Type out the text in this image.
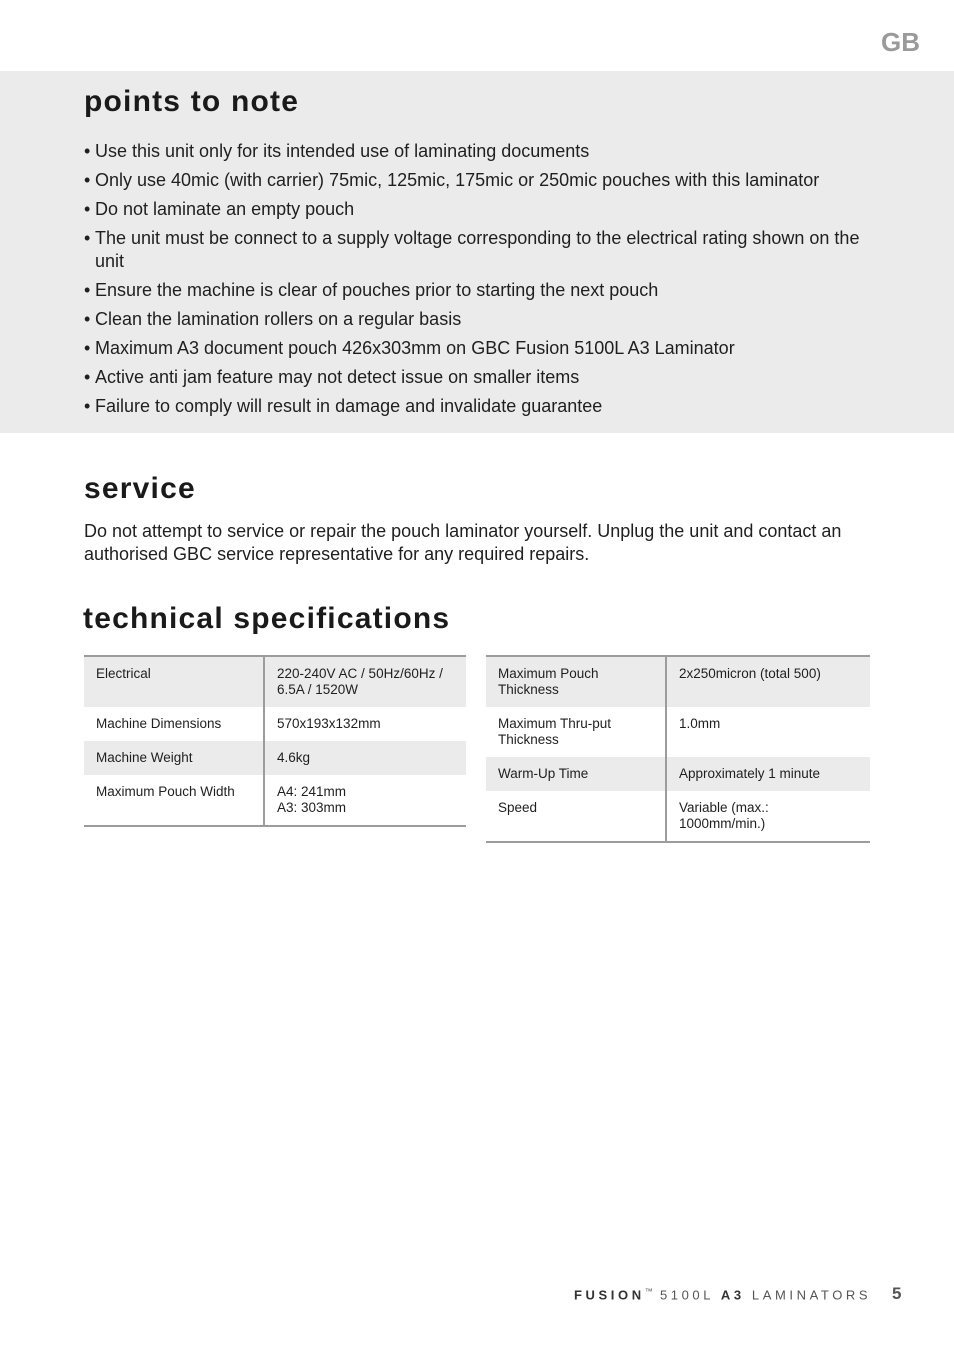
GB
points to note
• Use this unit only for its intended use of laminating documents
• Only use 40mic (with carrier) 75mic, 125mic, 175mic or 250mic pouches with this laminator
• Do not laminate an empty pouch
• The unit must be connect to a supply voltage corresponding to the electrical rating shown on the unit
• Ensure the machine is clear of pouches prior to starting the next pouch
• Clean the lamination rollers on a regular basis
• Maximum A3 document pouch 426x303mm on GBC Fusion 5100L A3 Laminator
• Active anti jam feature may not detect issue on smaller items
• Failure to comply will result in damage and invalidate guarantee
service

Do not attempt to service or repair the pouch laminator yourself. Unplug the unit and contact an authorised GBC service representative for any required repairs.

technical specifications
Electrical	220-240V AC / 50Hz/60Hz / 6.5A / 1520W
Machine Dimensions	570x193x132mm
Machine Weight	4.6kg
Maximum Pouch Width	A4: 241mm
A3: 303mm
Maximum Pouch Thickness	2x250micron (total 500)
Maximum Thru-put Thickness	1.0mm
Warm-Up Time	Approximately 1 minute
Speed	Variable (max.: 1000mm/min.)
FUSION™ 5100L A3 LAMINATORS 5
